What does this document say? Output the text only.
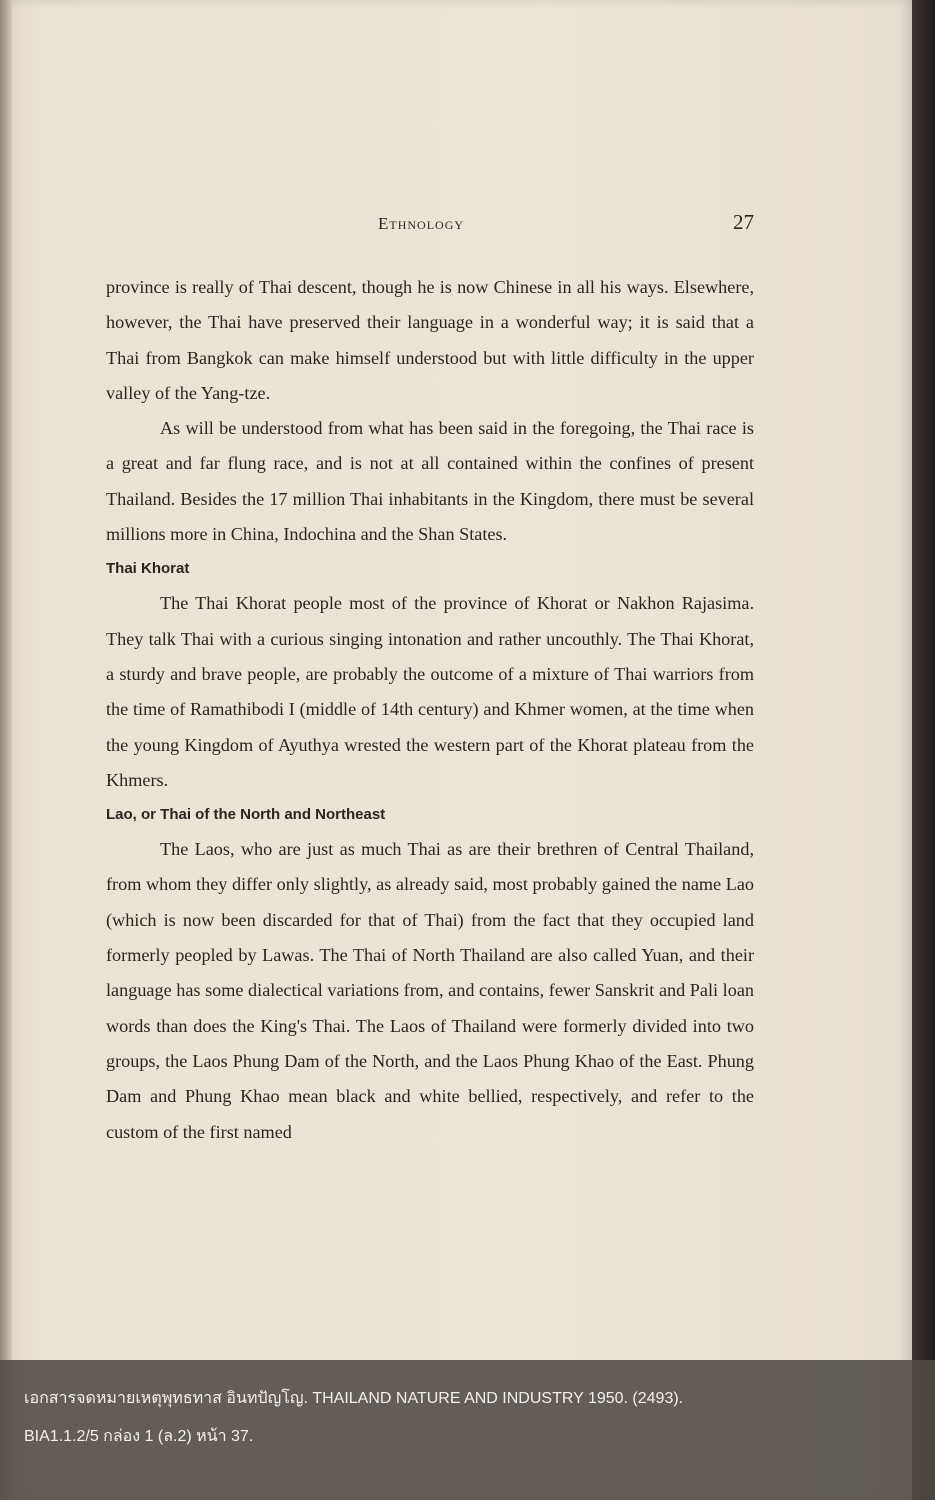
Ethnology	27

province is really of Thai descent, though he is now Chinese in all his ways. Elsewhere, however, the Thai have preserved their language in a wonderful way; it is said that a Thai from Bangkok can make himself understood but with little difficulty in the upper valley of the Yang-tze.

As will be understood from what has been said in the foregoing, the Thai race is a great and far flung race, and is not at all contained within the confines of present Thailand. Besides the 17 million Thai inhabitants in the Kingdom, there must be several millions more in China, Indochina and the Shan States.

Thai Khorat

The Thai Khorat people most of the province of Khorat or Nakhon Rajasima. They talk Thai with a curious singing intonation and rather uncouthly. The Thai Khorat, a sturdy and brave people, are probably the outcome of a mixture of Thai warriors from the time of Ramathibodi I (middle of 14th century) and Khmer women, at the time when the young Kingdom of Ayuthya wrested the western part of the Khorat plateau from the Khmers.

Lao, or Thai of the North and Northeast

The Laos, who are just as much Thai as are their brethren of Central Thailand, from whom they differ only slightly, as already said, most probably gained the name Lao (which is now been discarded for that of Thai) from the fact that they occupied land formerly peopled by Lawas. The Thai of North Thailand are also called Yuan, and their language has some dialectical variations from, and contains, fewer Sanskrit and Pali loan words than does the King's Thai. The Laos of Thailand were formerly divided into two groups, the Laos Phung Dam of the North, and the Laos Phung Khao of the East. Phung Dam and Phung Khao mean black and white bellied, respectively, and refer to the custom of the first named

เอกสารจดหมายเหตุพุทธทาส อินทปัญโญ. THAILAND NATURE AND INDUSTRY 1950. (2493).
BIA1.1.2/5 กล่อง 1 (ล.2) หน้า 37.
